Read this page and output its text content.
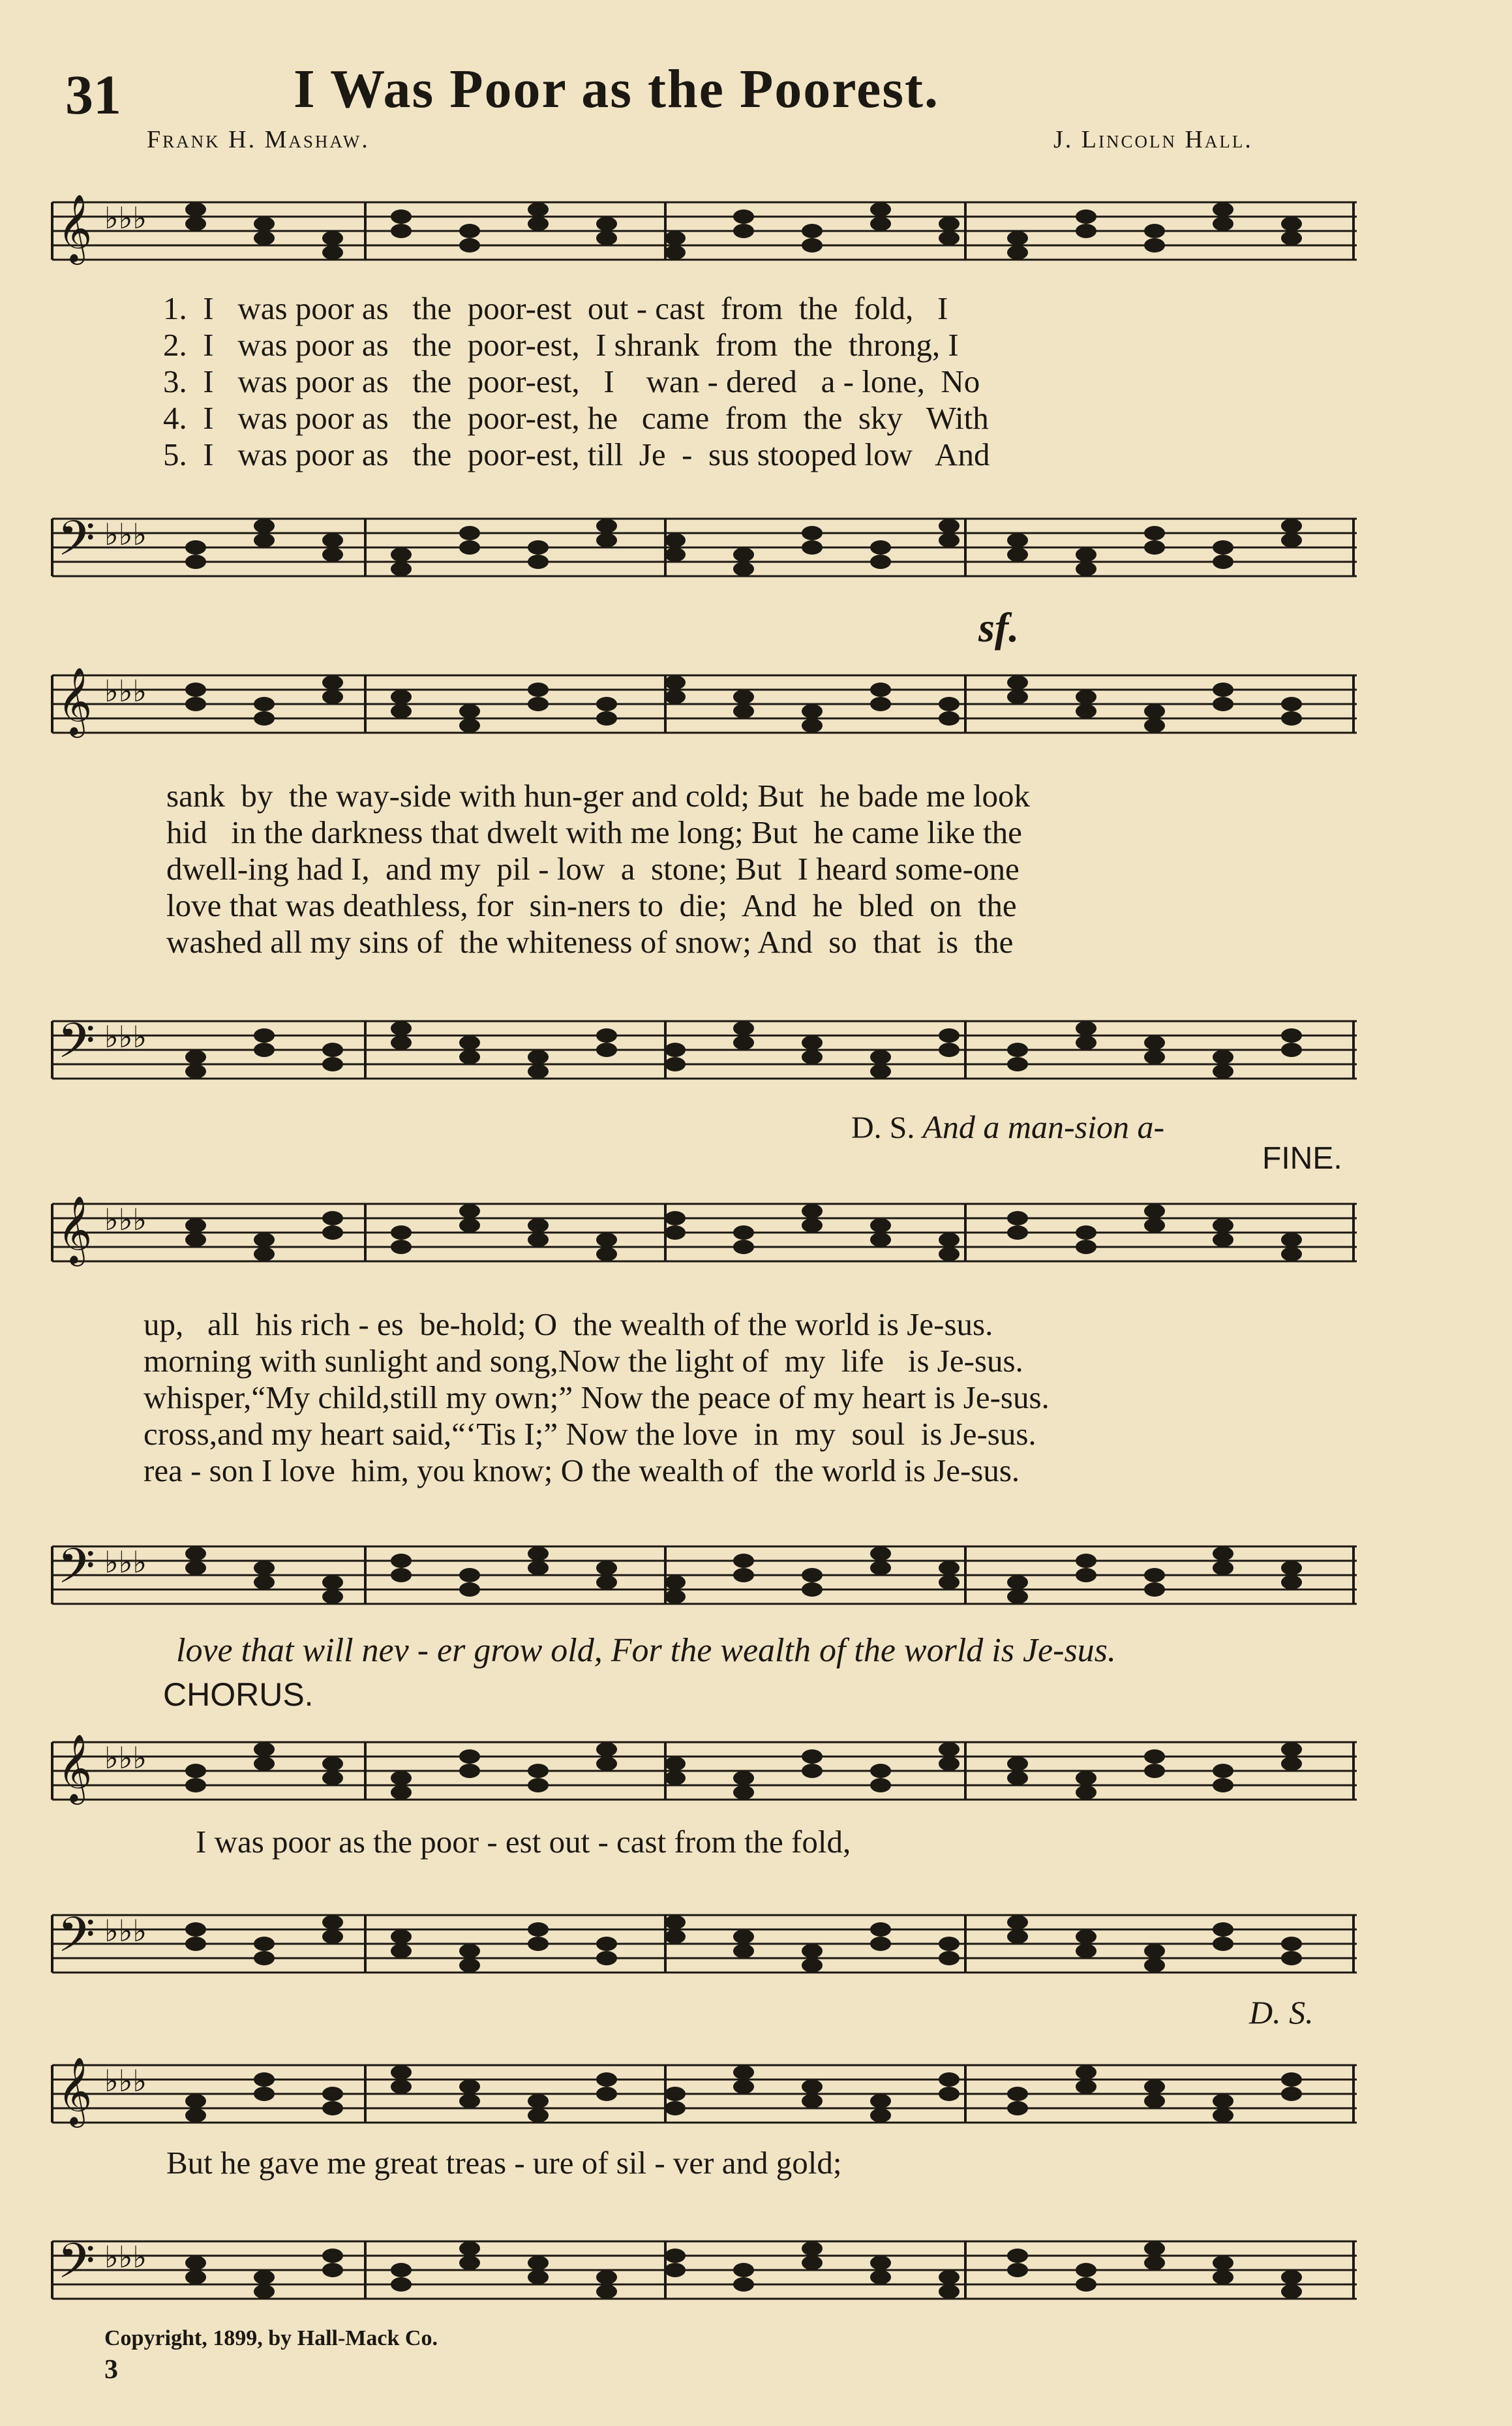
31	I Was Poor as the Poorest.
Frank H. Mashaw.	J. Lincoln Hall.
𝄞 ♭♭♭
𝄢 ♭♭♭
1.  I   was poor as   the  poor-est  out - cast  from  the  fold,   I
2.  I   was poor as   the  poor-est,  I shrank  from  the  throng, I
3.  I   was poor as   the  poor-est,   I    wan - dered   a - lone,  No
4.  I   was poor as   the  poor-est, he   came  from  the  sky   With
5.  I   was poor as   the  poor-est, till  Je  -  sus stooped low   And
sf.
𝄞 ♭♭♭
𝄢 ♭♭♭
sank  by  the way-side with hun-ger and cold; But  he bade me look
hid   in the darkness that dwelt with me long; But  he came like the
dwell-ing had I,  and my  pil - low  a  stone; But  I heard some-one
love that was deathless, for  sin-ners to  die;  And  he  bled  on  the
washed all my sins of  the whiteness of snow; And  so  that  is  the
D. S. And a man-sion a-
FINE.
𝄞 ♭♭♭
𝄢 ♭♭♭
up,   all  his rich - es  be-hold; O  the wealth of the world is Je-sus.
morning with sunlight and song,Now the light of  my  life   is Je-sus.
whisper,“My child,still my own;” Now the peace of my heart is Je-sus.
cross,and my heart said,“‘Tis I;” Now the love  in  my  soul  is Je-sus.
rea - son I love  him, you know; O the wealth of  the world is Je-sus.
love that will nev - er grow old, For the wealth of the world is Je-sus.
CHORUS.
𝄞 ♭♭♭
I was poor as the poor - est out - cast from the fold,
𝄢 ♭♭♭
D. S.
𝄞 ♭♭♭
But he gave me great treas - ure of sil - ver and gold;
𝄢 ♭♭♭
Copyright, 1899, by Hall-Mack Co.
3
